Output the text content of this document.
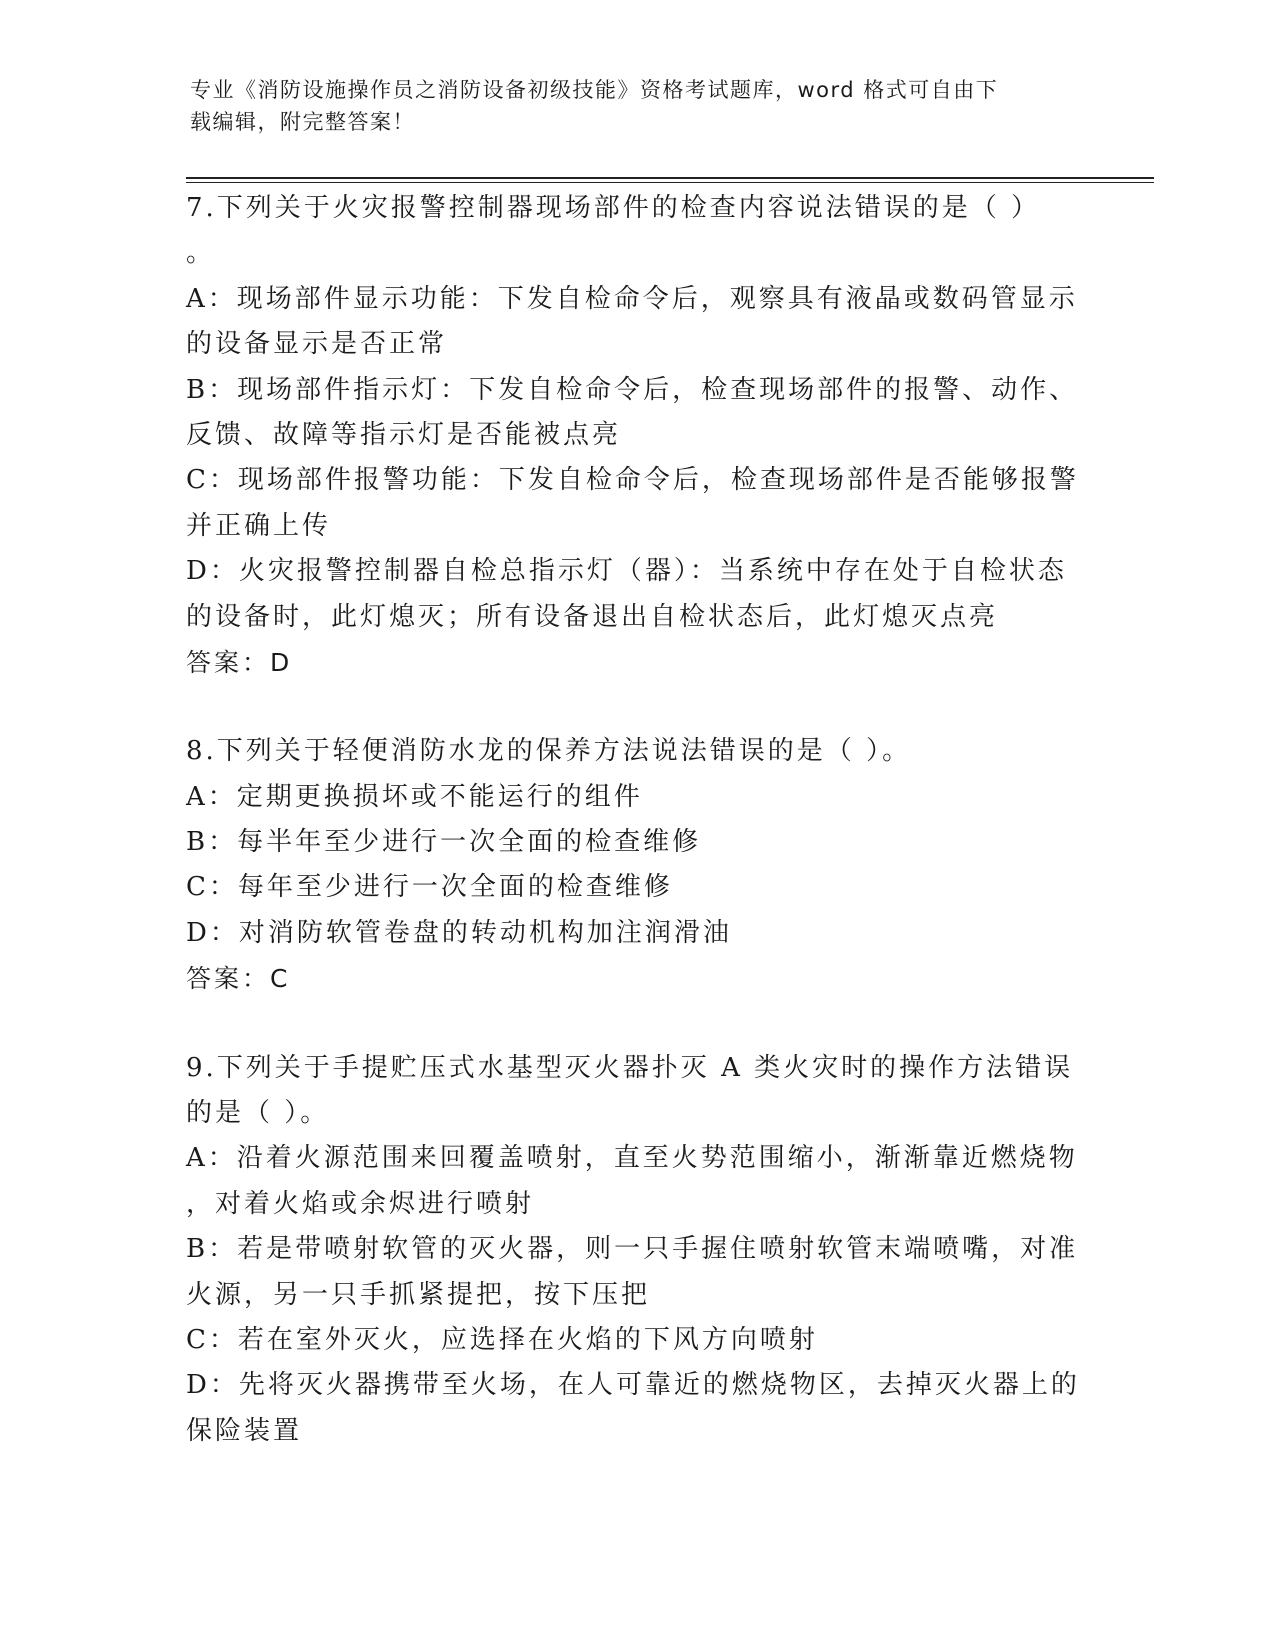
专业《消防设施操作员之消防设备初级技能》资格考试题库，word 格式可自由下
载编辑，附完整答案！
7.下列关于火灾报警控制器现场部件的检查内容说法错误的是（ ）
。
A：现场部件显示功能：下发自检命令后，观察具有液晶或数码管显示
的设备显示是否正常
B：现场部件指示灯：下发自检命令后，检查现场部件的报警、动作、
反馈、故障等指示灯是否能被点亮
C：现场部件报警功能：下发自检命令后，检查现场部件是否能够报警
并正确上传
D：火灾报警控制器自检总指示灯（器）：当系统中存在处于自检状态
的设备时，此灯熄灭；所有设备退出自检状态后，此灯熄灭点亮
答案：D
8.下列关于轻便消防水龙的保养方法说法错误的是（ ）。
A：定期更换损坏或不能运行的组件
B：每半年至少进行一次全面的检查维修
C：每年至少进行一次全面的检查维修
D：对消防软管卷盘的转动机构加注润滑油
答案：C
9.下列关于手提贮压式水基型灭火器扑灭 A 类火灾时的操作方法错误
的是（ ）。
A：沿着火源范围来回覆盖喷射，直至火势范围缩小，渐渐靠近燃烧物
，对着火焰或余烬进行喷射
B：若是带喷射软管的灭火器，则一只手握住喷射软管末端喷嘴，对准
火源，另一只手抓紧提把，按下压把
C：若在室外灭火，应选择在火焰的下风方向喷射
D：先将灭火器携带至火场，在人可靠近的燃烧物区，去掉灭火器上的
保险装置
